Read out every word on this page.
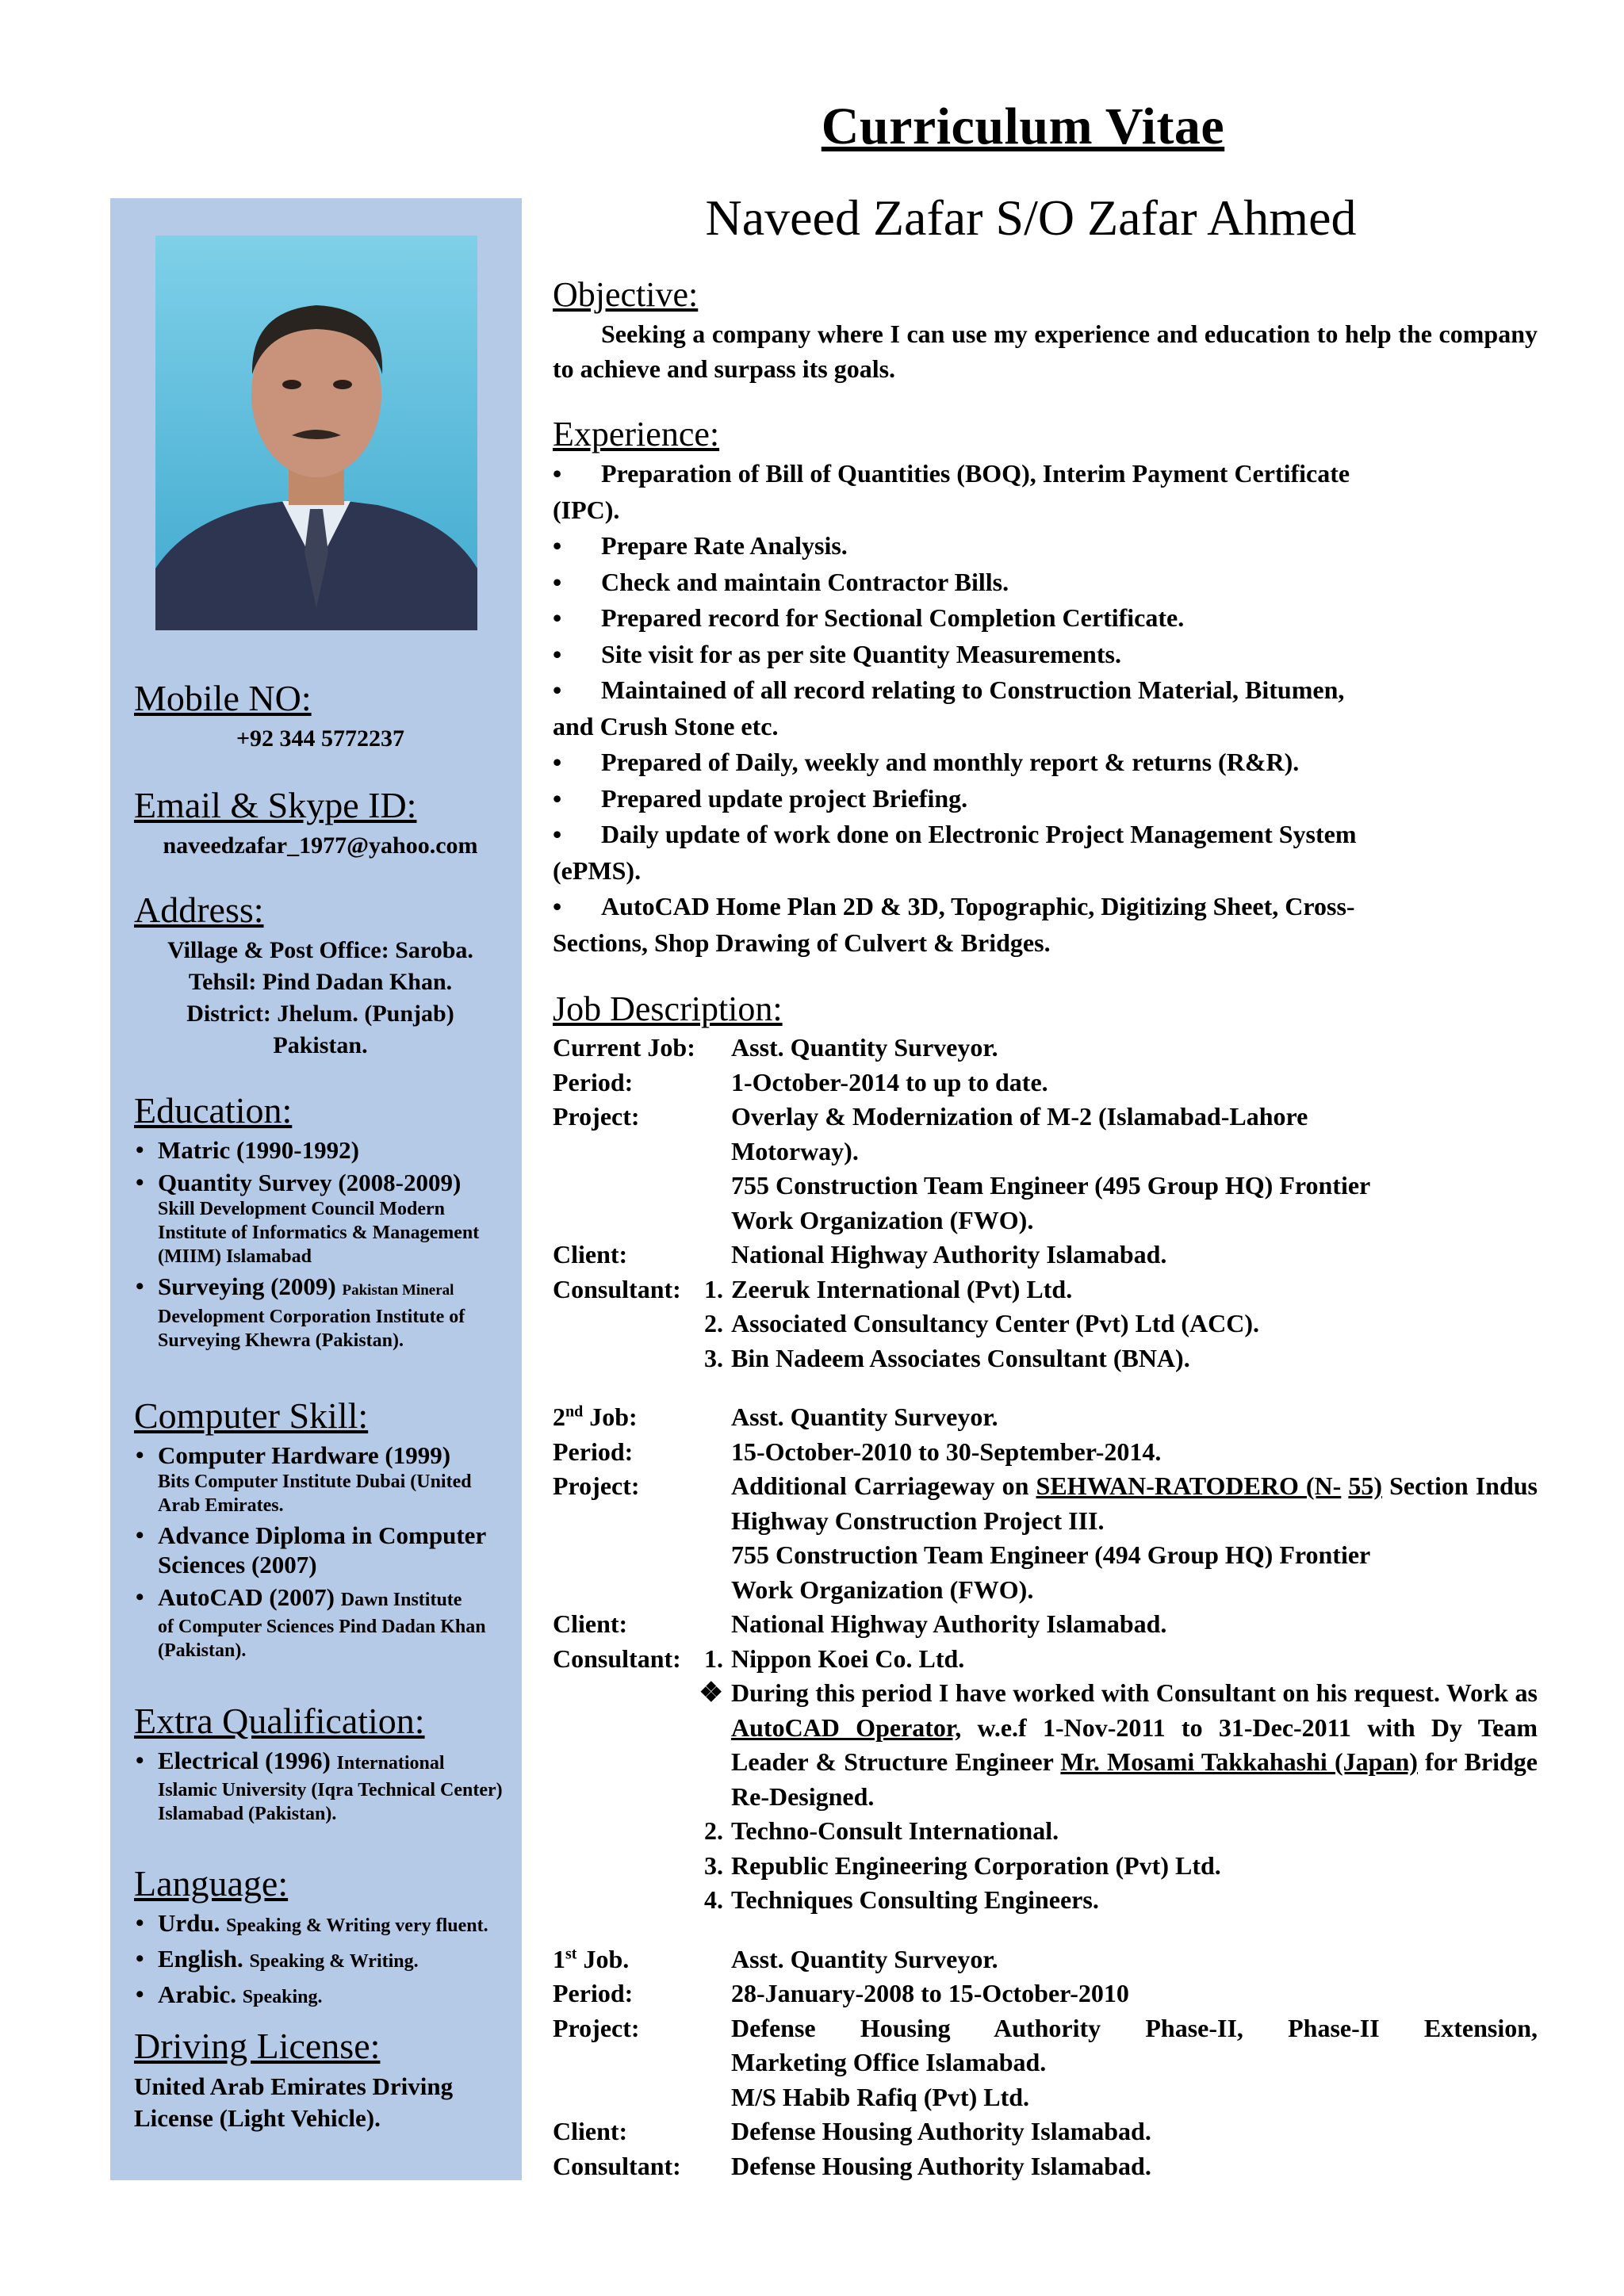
Curriculum Vitae
Naveed Zafar S/O Zafar Ahmed
Mobile NO:
+92 344 5772237
Email & Skype ID:
naveedzafar_1977@yahoo.com
Address:
Village & Post Office: Saroba.
Tehsil: Pind Dadan Khan.
District: Jhelum. (Punjab)
Pakistan.
Education:
• Matric (1990-1992)
• Quantity Survey (2008-2009)
Skill Development Council Modern Institute of Informatics & Management (MIIM) Islamabad
• Surveying (2009) Pakistan Mineral
Development Corporation Institute of Surveying Khewra (Pakistan).
Computer Skill:
• Computer Hardware (1999)
Bits Computer Institute Dubai (United Arab Emirates.
• Advance Diploma in Computer Sciences (2007)
• AutoCAD (2007) Dawn Institute
of Computer Sciences Pind Dadan Khan (Pakistan).
Extra Qualification:
• Electrical (1996) International
Islamic University (Iqra Technical Center) Islamabad (Pakistan).
Language:
• Urdu. Speaking & Writing very fluent.
• English. Speaking & Writing.
• Arabic. Speaking.
Driving License:
United Arab Emirates Driving License (Light Vehicle).
Objective:

Seeking a company where I can use my experience and education to help the company to achieve and surpass its goals.

Experience:
• Preparation of Bill of Quantities (BOQ), Interim Payment Certificate
(IPC).
• Prepare Rate Analysis.
• Check and maintain Contractor Bills.
• Prepared record for Sectional Completion Certificate.
• Site visit for as per site Quantity Measurements.
• Maintained of all record relating to Construction Material, Bitumen,
and Crush Stone etc.
• Prepared of Daily, weekly and monthly report & returns (R&R).
• Prepared update project Briefing.
• Daily update of work done on Electronic Project Management System
(ePMS).
• AutoCAD Home Plan 2D & 3D, Topographic, Digitizing Sheet, Cross-
Sections, Shop Drawing of Culvert & Bridges.
Job Description:
Current Job:	Asst. Quantity Surveyor.
Period:	1-October-2014 to up to date.
Project:	Overlay & Modernization of M-2 (Islamabad-Lahore
Motorway).
755 Construction Team Engineer (495 Group HQ) Frontier
Work Organization (FWO).
Client:	National Highway Authority Islamabad.
Consultant: 1. Zeeruk International (Pvt) Ltd.
2. Associated Consultancy Center (Pvt) Ltd (ACC).
3. Bin Nadeem Associates Consultant (BNA).
2nd Job:	Asst. Quantity Surveyor.
Period:	15-October-2010 to 30-September-2014.
Project:	Additional Carriageway on SEHWAN-RATODERO (N- 55) Section Indus Highway Construction Project III.
755 Construction Team Engineer (494 Group HQ) Frontier
Work Organization (FWO).
Client:	National Highway Authority Islamabad.
Consultant: 1. Nippon Koei Co. Ltd.
❖ During this period I have worked with Consultant on his request. Work as AutoCAD Operator, w.e.f 1-Nov-2011 to 31-Dec-2011 with Dy Team Leader & Structure Engineer Mr. Mosami Takkahashi (Japan) for Bridge Re-Designed.
2. Techno-Consult International.
3. Republic Engineering Corporation (Pvt) Ltd.
4. Techniques Consulting Engineers.
1st Job.	Asst. Quantity Surveyor.
Period:	28-January-2008 to 15-October-2010
Project:	Defense Housing Authority Phase-II, Phase-II Extension,
Marketing Office Islamabad.
M/S Habib Rafiq (Pvt) Ltd.
Client:	Defense Housing Authority Islamabad.
Consultant:	Defense Housing Authority Islamabad.
